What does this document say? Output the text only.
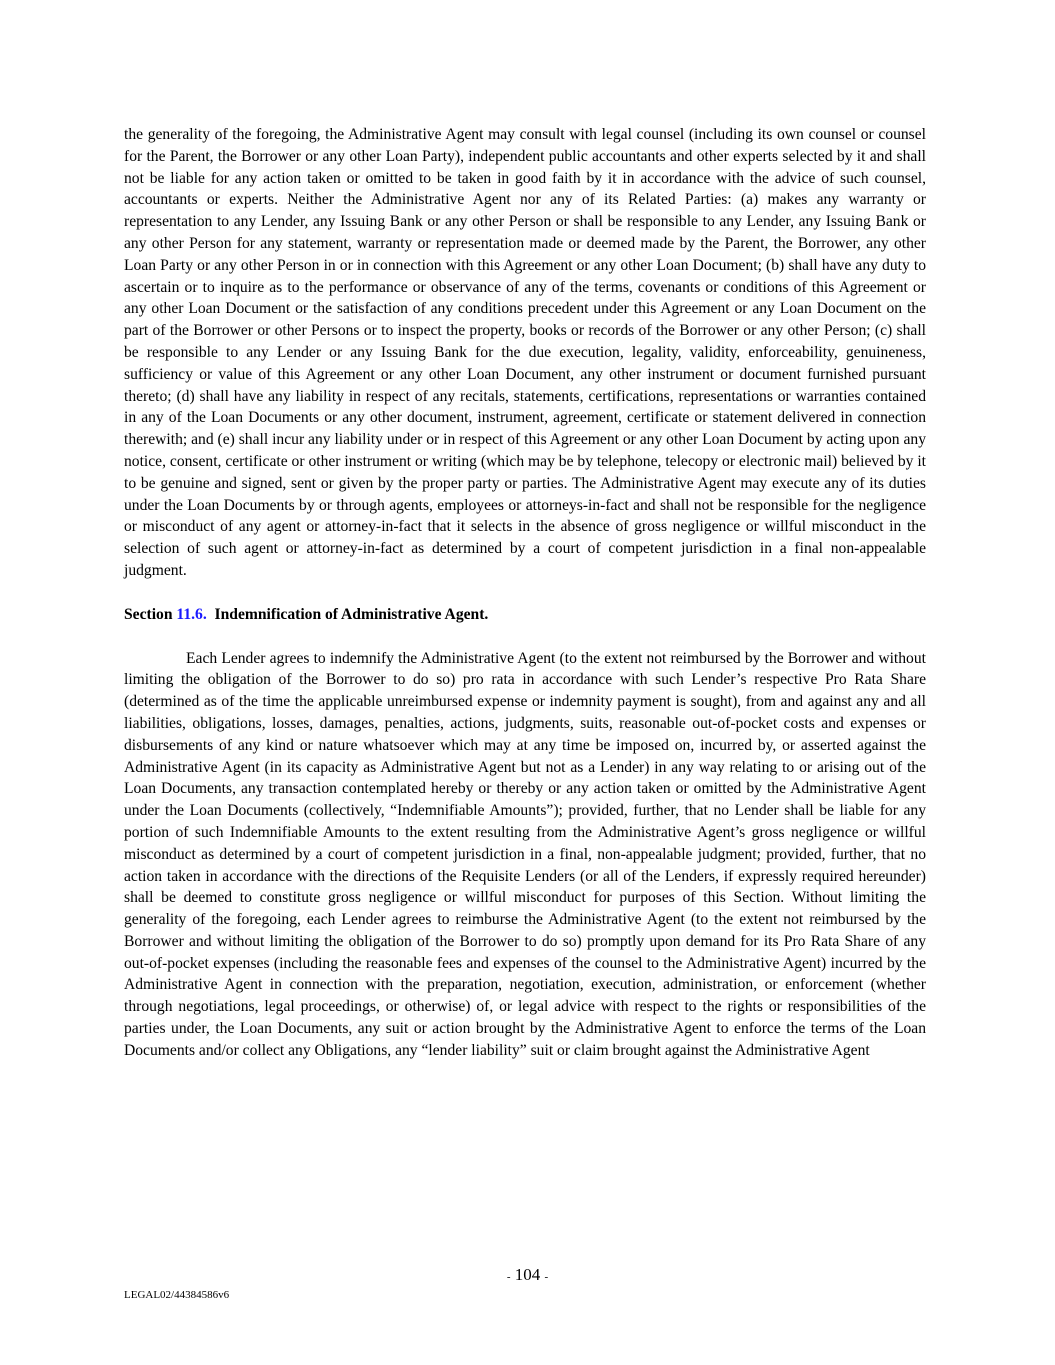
the generality of the foregoing, the Administrative Agent may consult with legal counsel (including its own counsel or counsel for the Parent, the Borrower or any other Loan Party), independent public accountants and other experts selected by it and shall not be liable for any action taken or omitted to be taken in good faith by it in accordance with the advice of such counsel, accountants or experts. Neither the Administrative Agent nor any of its Related Parties: (a) makes any warranty or representation to any Lender, any Issuing Bank or any other Person or shall be responsible to any Lender, any Issuing Bank or any other Person for any statement, warranty or representation made or deemed made by the Parent, the Borrower, any other Loan Party or any other Person in or in connection with this Agreement or any other Loan Document; (b) shall have any duty to ascertain or to inquire as to the performance or observance of any of the terms, covenants or conditions of this Agreement or any other Loan Document or the satisfaction of any conditions precedent under this Agreement or any Loan Document on the part of the Borrower or other Persons or to inspect the property, books or records of the Borrower or any other Person; (c) shall be responsible to any Lender or any Issuing Bank for the due execution, legality, validity, enforceability, genuineness, sufficiency or value of this Agreement or any other Loan Document, any other instrument or document furnished pursuant thereto; (d) shall have any liability in respect of any recitals, statements, certifications, representations or warranties contained in any of the Loan Documents or any other document, instrument, agreement, certificate or statement delivered in connection therewith; and (e) shall incur any liability under or in respect of this Agreement or any other Loan Document by acting upon any notice, consent, certificate or other instrument or writing (which may be by telephone, telecopy or electronic mail) believed by it to be genuine and signed, sent or given by the proper party or parties. The Administrative Agent may execute any of its duties under the Loan Documents by or through agents, employees or attorneys-in-fact and shall not be responsible for the negligence or misconduct of any agent or attorney-in-fact that it selects in the absence of gross negligence or willful misconduct in the selection of such agent or attorney-in-fact as determined by a court of competent jurisdiction in a final non-appealable judgment.

Section 11.6. Indemnification of Administrative Agent.

Each Lender agrees to indemnify the Administrative Agent (to the extent not reimbursed by the Borrower and without limiting the obligation of the Borrower to do so) pro rata in accordance with such Lender’s respective Pro Rata Share (determined as of the time the applicable unreimbursed expense or indemnity payment is sought), from and against any and all liabilities, obligations, losses, damages, penalties, actions, judgments, suits, reasonable out-of-pocket costs and expenses or disbursements of any kind or nature whatsoever which may at any time be imposed on, incurred by, or asserted against the Administrative Agent (in its capacity as Administrative Agent but not as a Lender) in any way relating to or arising out of the Loan Documents, any transaction contemplated hereby or thereby or any action taken or omitted by the Administrative Agent under the Loan Documents (collectively, “Indemnifiable Amounts”); provided, further, that no Lender shall be liable for any portion of such Indemnifiable Amounts to the extent resulting from the Administrative Agent’s gross negligence or willful misconduct as determined by a court of competent jurisdiction in a final, non-appealable judgment; provided, further, that no action taken in accordance with the directions of the Requisite Lenders (or all of the Lenders, if expressly required hereunder) shall be deemed to constitute gross negligence or willful misconduct for purposes of this Section. Without limiting the generality of the foregoing, each Lender agrees to reimburse the Administrative Agent (to the extent not reimbursed by the Borrower and without limiting the obligation of the Borrower to do so) promptly upon demand for its Pro Rata Share of any out-of-pocket expenses (including the reasonable fees and expenses of the counsel to the Administrative Agent) incurred by the Administrative Agent in connection with the preparation, negotiation, execution, administration, or enforcement (whether through negotiations, legal proceedings, or otherwise) of, or legal advice with respect to the rights or responsibilities of the parties under, the Loan Documents, any suit or action brought by the Administrative Agent to enforce the terms of the Loan Documents and/or collect any Obligations, any “lender liability” suit or claim brought against the Administrative Agent

- 104 -
LEGAL02/44384586v6
